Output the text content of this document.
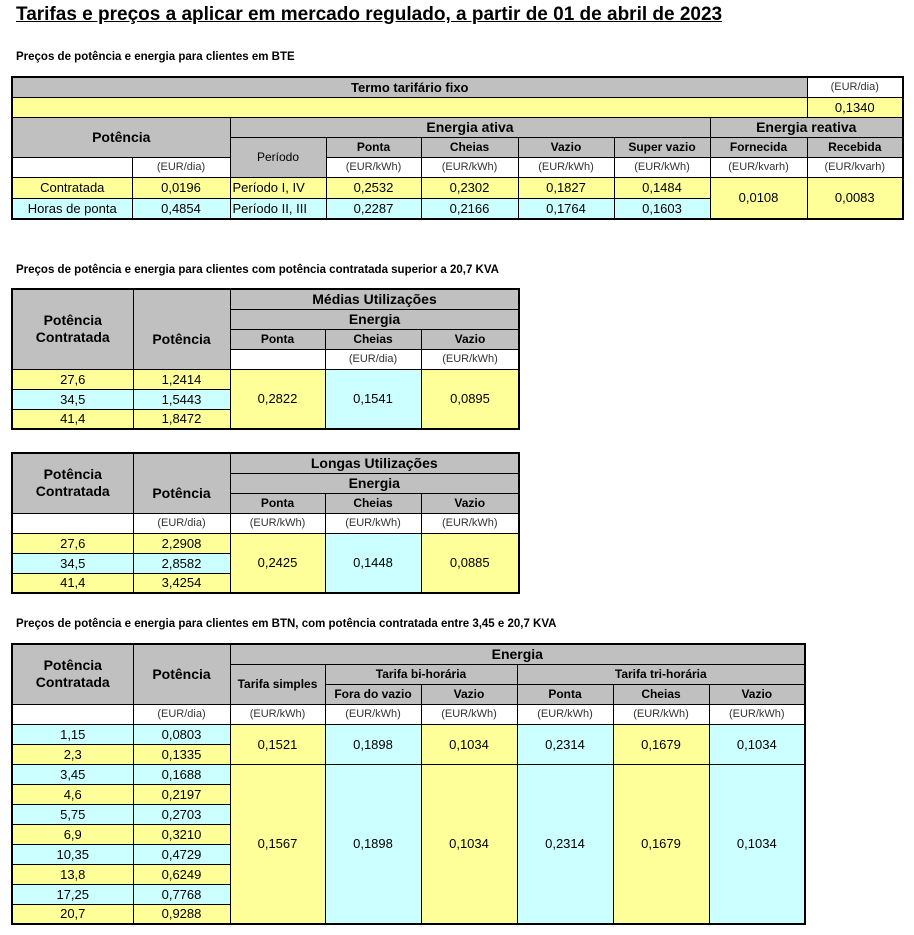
Tarifas e preços a aplicar em mercado regulado, a partir de 01 de abril de 2023
Preços de potência e energia para clientes em BTE
Termo tarifário fixo								(EUR/dia)
								0,1340
Potência		Energia ativa					Energia reativa	
		Período	Ponta	Cheias	Vazio	Super vazio	Fornecida	Recebida
	(EUR/dia)		(EUR/kWh)	(EUR/kWh)	(EUR/kWh)	(EUR/kWh)	(EUR/kvarh)	(EUR/kvarh)
Contratada	0,0196	Período I, IV	0,2532	0,2302	0,1827	0,1484	0,0108	0,0083
Horas de ponta	0,4854	Período II, III	0,2287	0,2166	0,1764	0,1603		
Preços de potência e energia para clientes com potência contratada superior a 20,7 KVA
Potência Contratada		Médias Utilizações			
	Potência	Energia			
		Ponta	Cheias	Vazio	
			(EUR/dia)	(EUR/kWh)		
27,6	1,2414	0,2822	0,1541	0,0895	
34,5	1,5443				
41,4	1,8472				
Potência Contratada		Longas Utilizações		
	Potência	Energia		
		Ponta	Cheias	Vazio
	(EUR/dia)	(EUR/kWh)	(EUR/kWh)	(EUR/kWh)
27,6	2,2908	0,2425	0,1448	0,0885
34,5	2,8582			
41,4	3,4254			
Preços de potência e energia para clientes em BTN, com potência contratada entre 3,45 e 20,7 KVA
Potência Contratada	Potência	Energia					
		Tarifa simples	Tarifa bi-horária		Tarifa tri-horária		
			Fora do vazio	Vazio	Ponta	Cheias	Vazio
	(EUR/dia)	(EUR/kWh)	(EUR/kWh)	(EUR/kWh)	(EUR/kWh)	(EUR/kWh)	(EUR/kWh)
1,15	0,0803	0,1521	0,1898	0,1034	0,2314	0,1679	0,1034
2,3	0,1335						
3,45	0,1688	0,1567	0,1898	0,1034	0,2314	0,1679	0,1034
4,6	0,2197						
5,75	0,2703						
6,9	0,3210						
10,35	0,4729						
13,8	0,6249						
17,25	0,7768						
20,7	0,9288						
